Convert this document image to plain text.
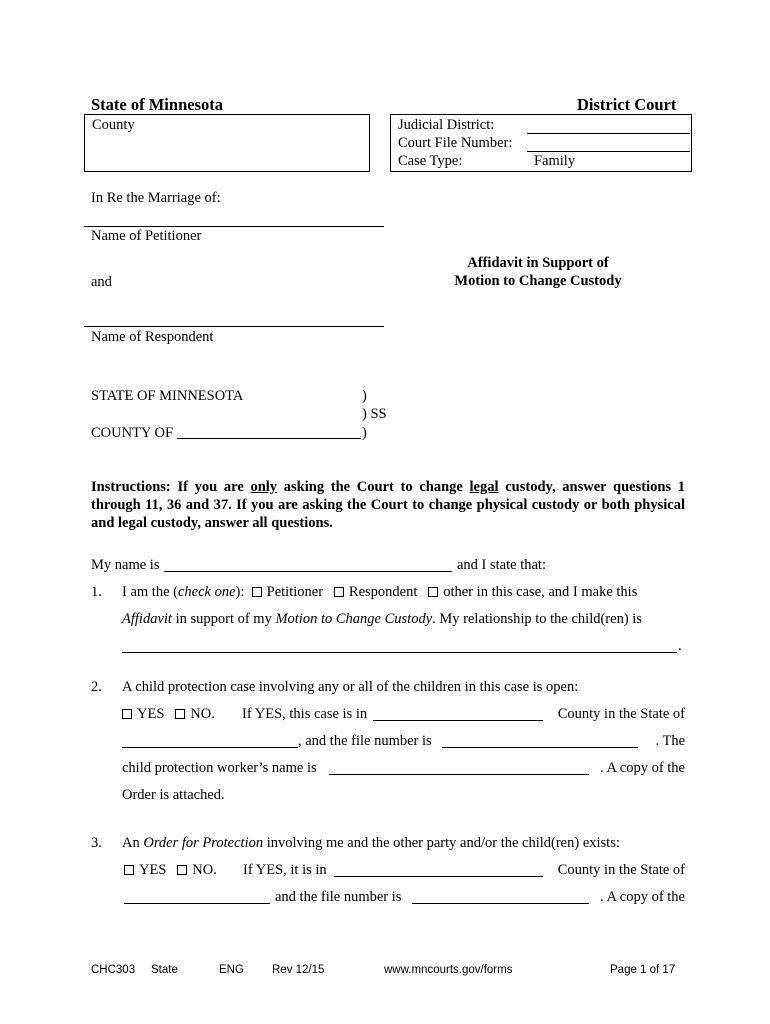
State of Minnesota	District Court
County	Judicial District:
Court File Number:
Case Type:	Family
In Re the Marriage of:
Name of Petitioner
and
Name of Respondent
Affidavit in Support of
Motion to Change Custody
STATE OF MINNESOTA
COUNTY OF
)
) SS
)
Instructions: If you are only asking the Court to change legal custody, answer questions 1 through 11, 36 and 37. If you are asking the Court to change physical custody or both physical and legal custody, answer all questions.
My name is	and I state that:
1. I am the (check one): Petitioner Respondent other in this case, and I make this
Affidavit in support of my Motion to Change Custody. My relationship to the child(ren) is
.
2. A child protection case involving any or all of the children in this case is open:
YES NO. If YES, this case is in	County in the State of
, and the file number is	. The
child protection worker’s name is	. A copy of the
Order is attached.
3. An Order for Protection involving me and the other party and/or the child(ren) exists:
YES NO. If YES, it is in	County in the State of
and the file number is	. A copy of the
CHC303 State	ENG Rev 12/15	www.mncourts.gov/forms	Page 1 of 17
